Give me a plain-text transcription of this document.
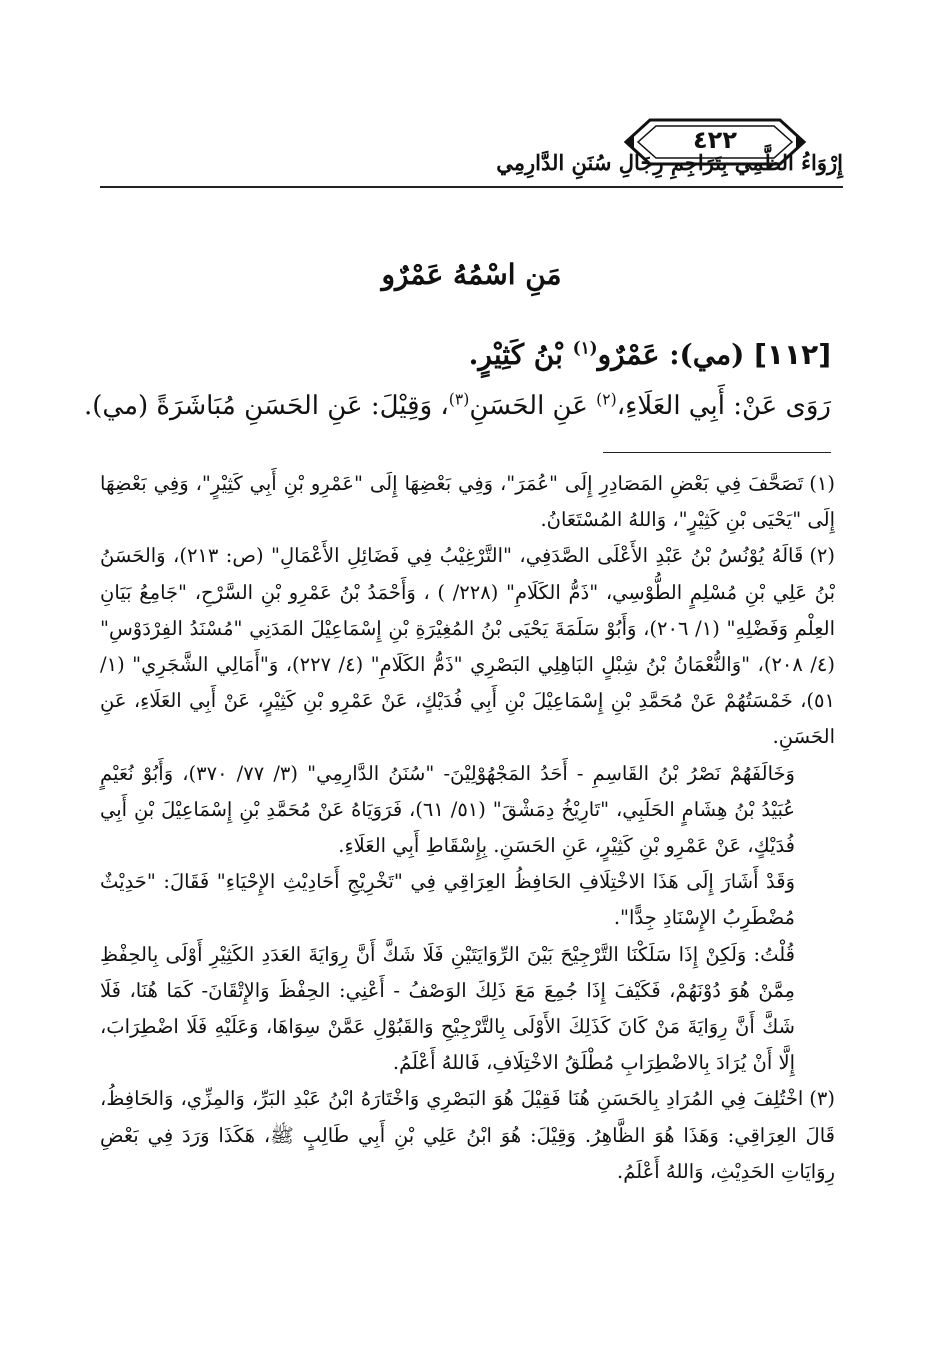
٤٢٢
إِرْوَاءُ الظَّمِي بِتَرَاجِمِ رِجَالِ سُنَنِ الدَّارِمِي
مَنِ اسْمُهُ عَمْرٌو
[١١٢] (مي): عَمْرٌو$^{(١)}$ بْنُ كَثِيْرٍ.
رَوَى عَنْ: أَبِي العَلَاءِ،$^{(٢)}$ عَنِ الحَسَنِ$^{(٣)}$، وَقِيْلَ: عَنِ الحَسَنِ مُبَاشَرَةً (مي).

(١)تَصَحَّفَ فِي بَعْضِ المَصَادِرِ إِلَى "عُمَرَ"، وَفِي بَعْضِهَا إِلَى "عَمْرِو بْنِ أَبِي كَثِيْرٍ"، وَفِي بَعْضِهَا إِلَى "يَحْيَى بْنِ كَثِيْرٍ"، وَاللهُ المُسْتَعَانُ.

(٢)قَالَهُ يُوْنُسُ بْنُ عَبْدِ الأَعْلَى الصَّدَفِي، "التَّرْغِيْبُ فِي فَضَائِلِ الأَعْمَالِ" (ص: ٢١٣)، وَالحَسَنُ بْنُ عَلِي بْنِ مُسْلِمٍ الطُّوْسِي، "ذَمُّ الكَلَامِ" (٢٢٨/ ) ، وَأَحْمَدُ بْنُ عَمْرِو بْنِ السَّرْحِ، "جَامِعُ بَيَانِ العِلْمِ وَفَضْلِهِ" (١/ ٢٠٦)، وَأَبُوْ سَلَمَةَ يَحْيَى بْنُ المُغِيْرَةِ بْنِ إِسْمَاعِيْلَ المَدَنِي "مُسْنَدُ الفِرْدَوْسِ" (٤/ ٢٠٨)، "وَالنُّعْمَانُ بْنُ شِبْلٍ البَاهِلِي البَصْرِي "ذَمُّ الكَلَامِ" (٤/ ٢٢٧)، وَ"أَمَالِي الشَّجَرِي" (١/ ٥١)، خَمْسَتُهُمْ عَنْ مُحَمَّدِ بْنِ إِسْمَاعِيْلَ بْنِ أَبِي فُدَيْكٍ، عَنْ عَمْرِو بْنِ كَثِيْرٍ، عَنْ أَبِي العَلَاءِ، عَنِ الحَسَنِ.

وَخَالَفَهُمْ نَصْرُ بْنُ القَاسِمِ - أَحَدُ المَجْهُوْلِيْنَ- "سُنَنُ الدَّارِمِي" (٣/ ٧٧/ ٣٧٠)، وَأَبُوْ نُعَيْمٍ عُبَيْدُ بْنُ هِشَامٍ الحَلَبِي، "تَارِيْخُ دِمَشْقَ" (٥١/ ٦١)، فَرَوَيَاهُ عَنْ مُحَمَّدِ بْنِ إِسْمَاعِيْلَ بْنِ أَبِي فُدَيْكٍ، عَنْ عَمْرِو بْنِ كَثِيْرٍ، عَنِ الحَسَنِ. بِإِسْقَاطِ أَبِي العَلَاءِ.

وَقَدْ أَشَارَ إِلَى هَذَا الاخْتِلَافِ الحَافِظُ العِرَاقِي فِي "تَخْرِيْجِ أَحَادِيْثِ الإِحْيَاءِ" فَقَالَ: "حَدِيْثٌ مُضْطَرِبُ الإِسْنَادِ جِدًّا".

قُلْتُ: وَلَكِنْ إِذَا سَلَكْنَا التَّرْجِيْحَ بَيْنَ الرِّوَايَتَيْنِ فَلَا شَكَّ أَنَّ رِوَايَةَ العَدَدِ الكَثِيْرِ أَوْلَى بِالحِفْظِ مِمَّنْ هُوَ دُوْنَهُمْ، فَكَيْفَ إِذَا جُمِعَ مَعَ ذَلِكَ الوَصْفُ - أَعْنِي: الحِفْظَ وَالإِتْقَانَ- كَمَا هُنَا، فَلَا شَكَّ أَنَّ رِوَايَةَ مَنْ كَانَ كَذَلِكَ الأَوْلَى بِالتَّرْجِيْحِ وَالقَبُوْلِ عَمَّنْ سِوَاهَا، وَعَلَيْهِ فَلَا اضْطِرَابَ، إِلَّا أَنْ يُرَادَ بِالاضْطِرَابِ مُطْلَقُ الاخْتِلَافِ، فَاللهُ أَعْلَمُ.

(٣)اخْتُلِفَ فِي المُرَادِ بِالحَسَنِ هُنَا فَقِيْلَ هُوَ البَصْرِي وَاخْتَارَهُ ابْنُ عَبْدِ البَرِّ، وَالمِزِّي، وَالحَافِظُ، قَالَ العِرَاقِي: وَهَذَا هُوَ الظَّاهِرُ. وَقِيْلَ: هُوَ ابْنُ عَلِي بْنِ أَبِي طَالِبٍ ﷺ، هَكَذَا وَرَدَ فِي بَعْضِ رِوَايَاتِ الحَدِيْثِ، وَاللهُ أَعْلَمُ.
